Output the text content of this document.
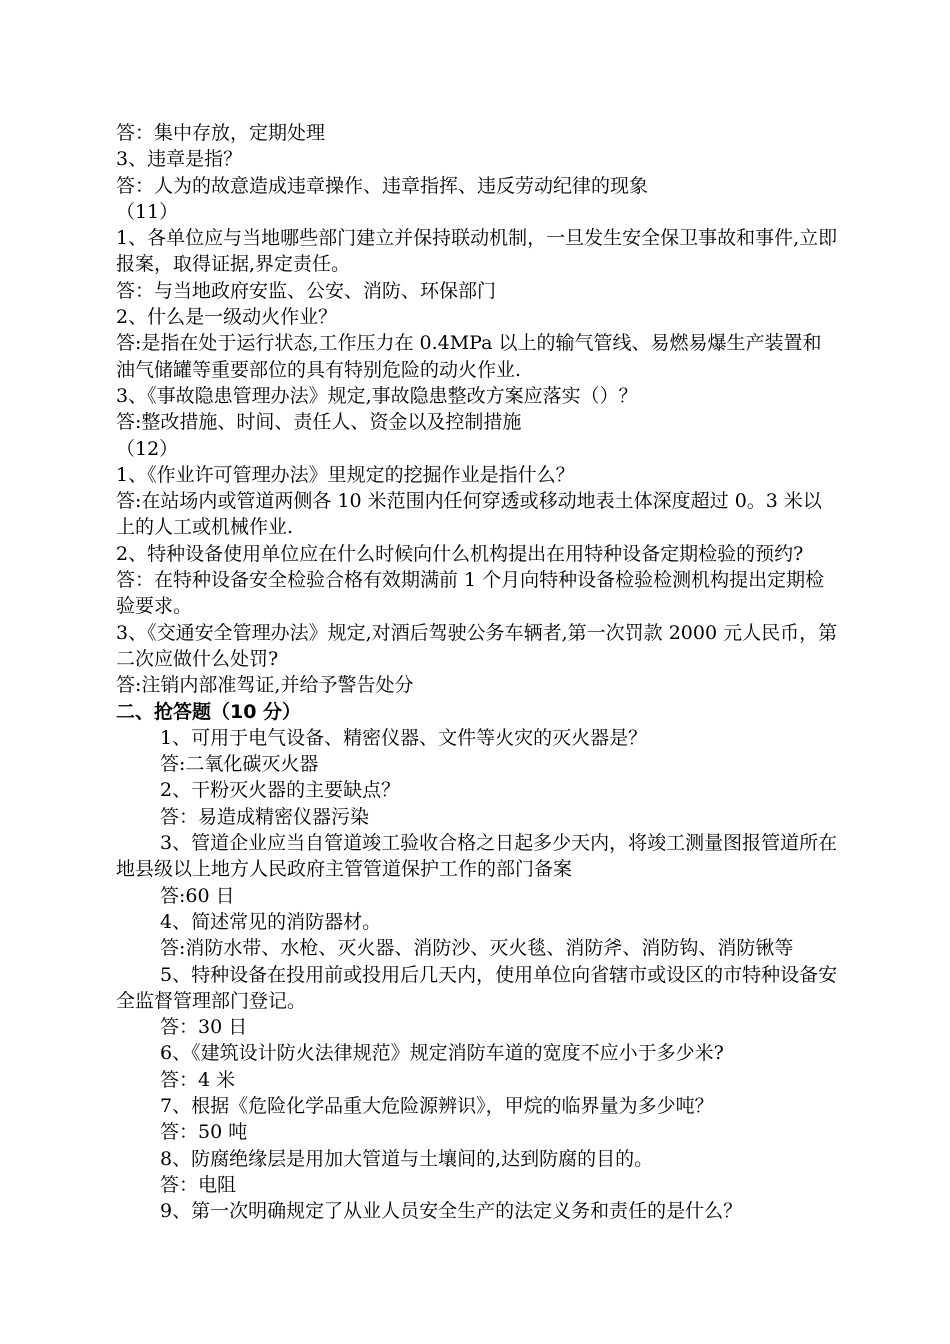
答：集中存放，定期处理

3、违章是指？

答：人为的故意造成违章操作、违章指挥、违反劳动纪律的现象

（11）

1、各单位应与当地哪些部门建立并保持联动机制，一旦发生安全保卫事故和事件,立即报案，取得证据,界定责任。

答：与当地政府安监、公安、消防、环保部门

2、什么是一级动火作业？

答:是指在处于运行状态,工作压力在 0.4MPa 以上的输气管线、易燃易爆生产装置和油气储罐等重要部位的具有特别危险的动火作业.

3、《事故隐患管理办法》规定,事故隐患整改方案应落实（）？

答:整改措施、时间、责任人、资金以及控制措施

（12）

1、《作业许可管理办法》里规定的挖掘作业是指什么？

答:在站场内或管道两侧各 10 米范围内任何穿透或移动地表土体深度超过 0。3 米以上的人工或机械作业.

2、特种设备使用单位应在什么时候向什么机构提出在用特种设备定期检验的预约?

答：在特种设备安全检验合格有效期满前 1 个月向特种设备检验检测机构提出定期检验要求。

3、《交通安全管理办法》规定,对酒后驾驶公务车辆者,第一次罚款 2000 元人民币，第二次应做什么处罚?

答:注销内部准驾证,并给予警告处分

二、抢答题（10 分）

1、可用于电气设备、精密仪器、文件等火灾的灭火器是？

答:二氧化碳灭火器

2、干粉灭火器的主要缺点？

答：易造成精密仪器污染

3、管道企业应当自管道竣工验收合格之日起多少天内，将竣工测量图报管道所在地县级以上地方人民政府主管管道保护工作的部门备案

答:60 日

4、简述常见的消防器材。

答:消防水带、水枪、灭火器、消防沙、灭火毯、消防斧、消防钩、消防锹等

5、特种设备在投用前或投用后几天内，使用单位向省辖市或设区的市特种设备安全监督管理部门登记。

答：30 日

6、《建筑设计防火法律规范》规定消防车道的宽度不应小于多少米?

答：4 米

7、根据《危险化学品重大危险源辨识》，甲烷的临界量为多少吨？

答：50 吨

8、防腐绝缘层是用加大管道与土壤间的,达到防腐的目的。

答：电阻

9、第一次明确规定了从业人员安全生产的法定义务和责任的是什么？
